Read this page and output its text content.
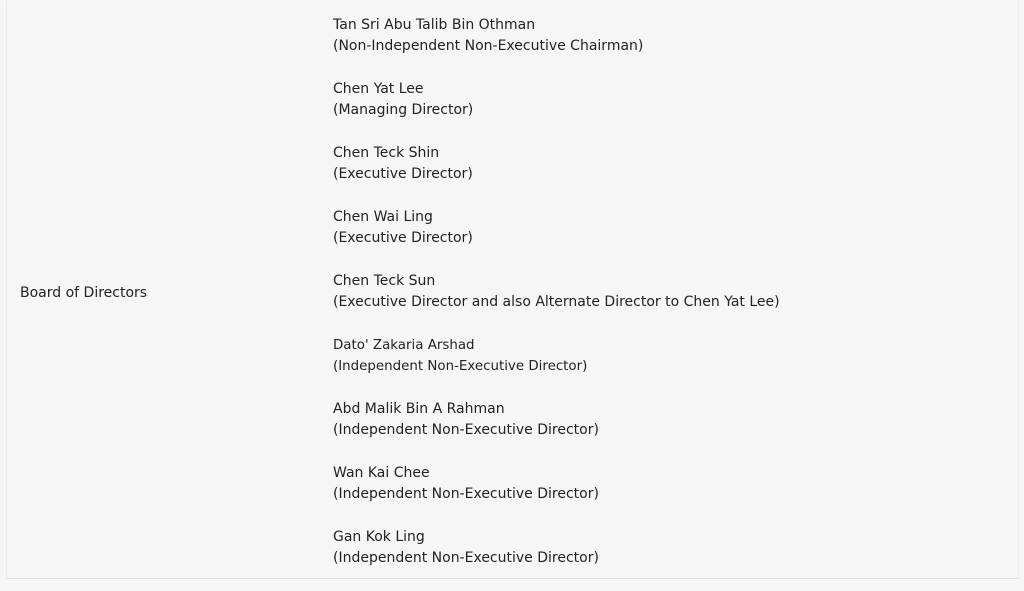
Board of Directors
Tan Sri Abu Talib Bin Othman
(Non-Independent Non-Executive Chairman)
Chen Yat Lee
(Managing Director)
Chen Teck Shin
(Executive Director)
Chen Wai Ling
(Executive Director)
Chen Teck Sun
(Executive Director and also Alternate Director to Chen Yat Lee)
Dato' Zakaria Arshad
(Independent Non-Executive Director)
Abd Malik Bin A Rahman
(Independent Non-Executive Director)
Wan Kai Chee
(Independent Non-Executive Director)
Gan Kok Ling
(Independent Non-Executive Director)
